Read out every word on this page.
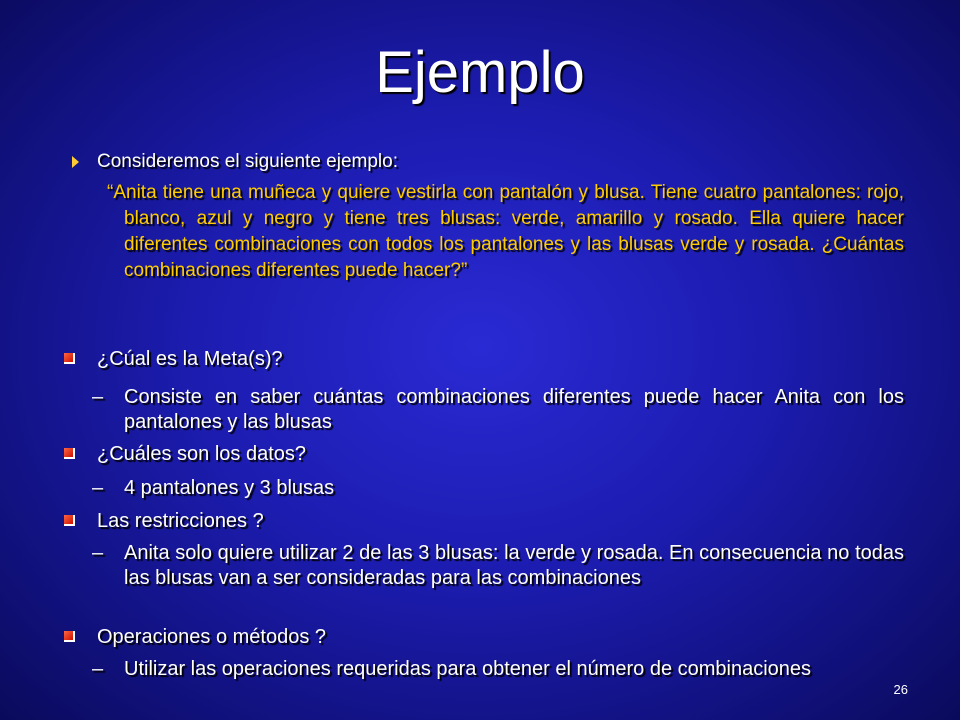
Ejemplo
Consideremos el siguiente ejemplo:
“Anita tiene una muñeca y quiere vestirla con pantalón y blusa. Tiene cuatro pantalones: rojo, blanco, azul y negro y tiene tres blusas: verde, amarillo y rosado. Ella quiere hacer diferentes combinaciones con todos los pantalones y las blusas verde y rosada. ¿Cuántas combinaciones diferentes puede hacer?”
¿Cúal es la Meta(s)?
– Consiste en saber cuántas combinaciones diferentes puede hacer Anita con los pantalones y las blusas
¿Cuáles son los datos?
– 4 pantalones y 3 blusas
Las restricciones ?
– Anita solo quiere utilizar 2 de las 3 blusas: la verde y rosada. En consecuencia no todas las blusas van a ser consideradas para las combinaciones
Operaciones o métodos ?
– Utilizar las operaciones requeridas para obtener el número de combinaciones
26
